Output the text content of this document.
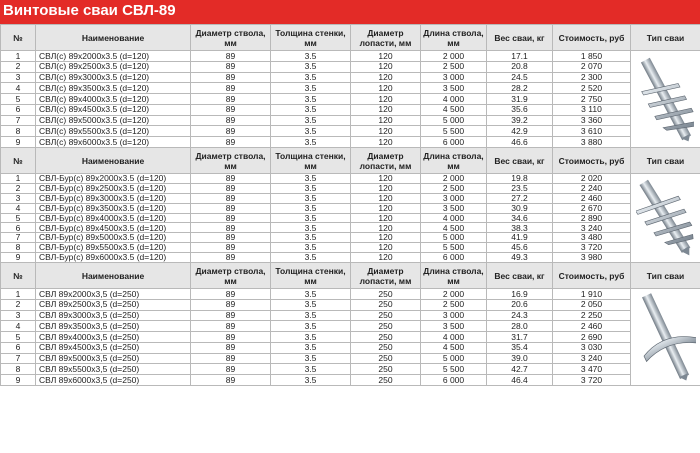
Винтовые сваи СВЛ-89
№	Наименование	Диаметр ствола, мм	Толщина стенки, мм	Диаметр лопасти, мм	Длина ствола, мм	Вес сваи, кг	Стоимость, руб	Тип сваи
1	СВЛ(с) 89х2000х3.5 (d=120)	89	3.5	120	2 000	17.1	1 850	

2	СВЛ(с) 89х2500х3.5 (d=120)	89	3.5	120	2 500	20.8	2 070	
3	СВЛ(с) 89х3000х3.5 (d=120)	89	3.5	120	3 000	24.5	2 300	
4	СВЛ(с) 89х3500х3.5 (d=120)	89	3.5	120	3 500	28.2	2 520	
5	СВЛ(с) 89х4000х3.5 (d=120)	89	3.5	120	4 000	31.9	2 750	
6	СВЛ(с) 89х4500х3.5 (d=120)	89	3.5	120	4 500	35.6	3 110	
7	СВЛ(с) 89х5000х3.5 (d=120)	89	3.5	120	5 000	39.2	3 360	
8	СВЛ(с) 89х5500х3.5 (d=120)	89	3.5	120	5 500	42.9	3 610	
9	СВЛ(с) 89х6000х3.5 (d=120)	89	3.5	120	6 000	46.6	3 880	
№	Наименование	Диаметр ствола, мм	Толщина стенки, мм	Диаметр лопасти, мм	Длина ствола, мм	Вес сваи, кг	Стоимость, руб	Тип сваи
1	СВЛ-Бур(с) 89х2000х3.5 (d=120)	89	3.5	120	2 000	19.8	2 020	

2	СВЛ-Бур(с) 89х2500х3.5 (d=120)	89	3.5	120	2 500	23.5	2 240	
3	СВЛ-Бур(с) 89х3000х3.5 (d=120)	89	3.5	120	3 000	27.2	2 460	
4	СВЛ-Бур(с) 89х3500х3.5 (d=120)	89	3.5	120	3 500	30.9	2 670	
5	СВЛ-Бур(с) 89х4000х3.5 (d=120)	89	3.5	120	4 000	34.6	2 890	
6	СВЛ-Бур(с) 89х4500х3.5 (d=120)	89	3.5	120	4 500	38.3	3 240	
7	СВЛ-Бур(с) 89х5000х3.5 (d=120)	89	3.5	120	5 000	41.9	3 480	
8	СВЛ-Бур(с) 89х5500х3.5 (d=120)	89	3.5	120	5 500	45.6	3 720	
9	СВЛ-Бур(с) 89х6000х3.5 (d=120)	89	3.5	120	6 000	49.3	3 980	
№	Наименование	Диаметр ствола, мм	Толщина стенки, мм	Диаметр лопасти, мм	Длина ствола, мм	Вес сваи, кг	Стоимость, руб	Тип сваи
1	СВЛ 89х2000х3,5 (d=250)	89	3.5	250	2 000	16.9	1 910	

2	СВЛ 89х2500х3,5 (d=250)	89	3.5	250	2 500	20.6	2 050	
3	СВЛ 89х3000х3,5 (d=250)	89	3.5	250	3 000	24.3	2 250	
4	СВЛ 89х3500х3,5 (d=250)	89	3.5	250	3 500	28.0	2 460	
5	СВЛ 89х4000х3,5 (d=250)	89	3.5	250	4 000	31.7	2 690	
6	СВЛ 89х4500х3,5 (d=250)	89	3.5	250	4 500	35.4	3 030	
7	СВЛ 89х5000х3,5 (d=250)	89	3.5	250	5 000	39.0	3 240	
8	СВЛ 89х5500х3,5 (d=250)	89	3.5	250	5 500	42.7	3 470	
9	СВЛ 89х6000х3,5 (d=250)	89	3.5	250	6 000	46.4	3 720	
